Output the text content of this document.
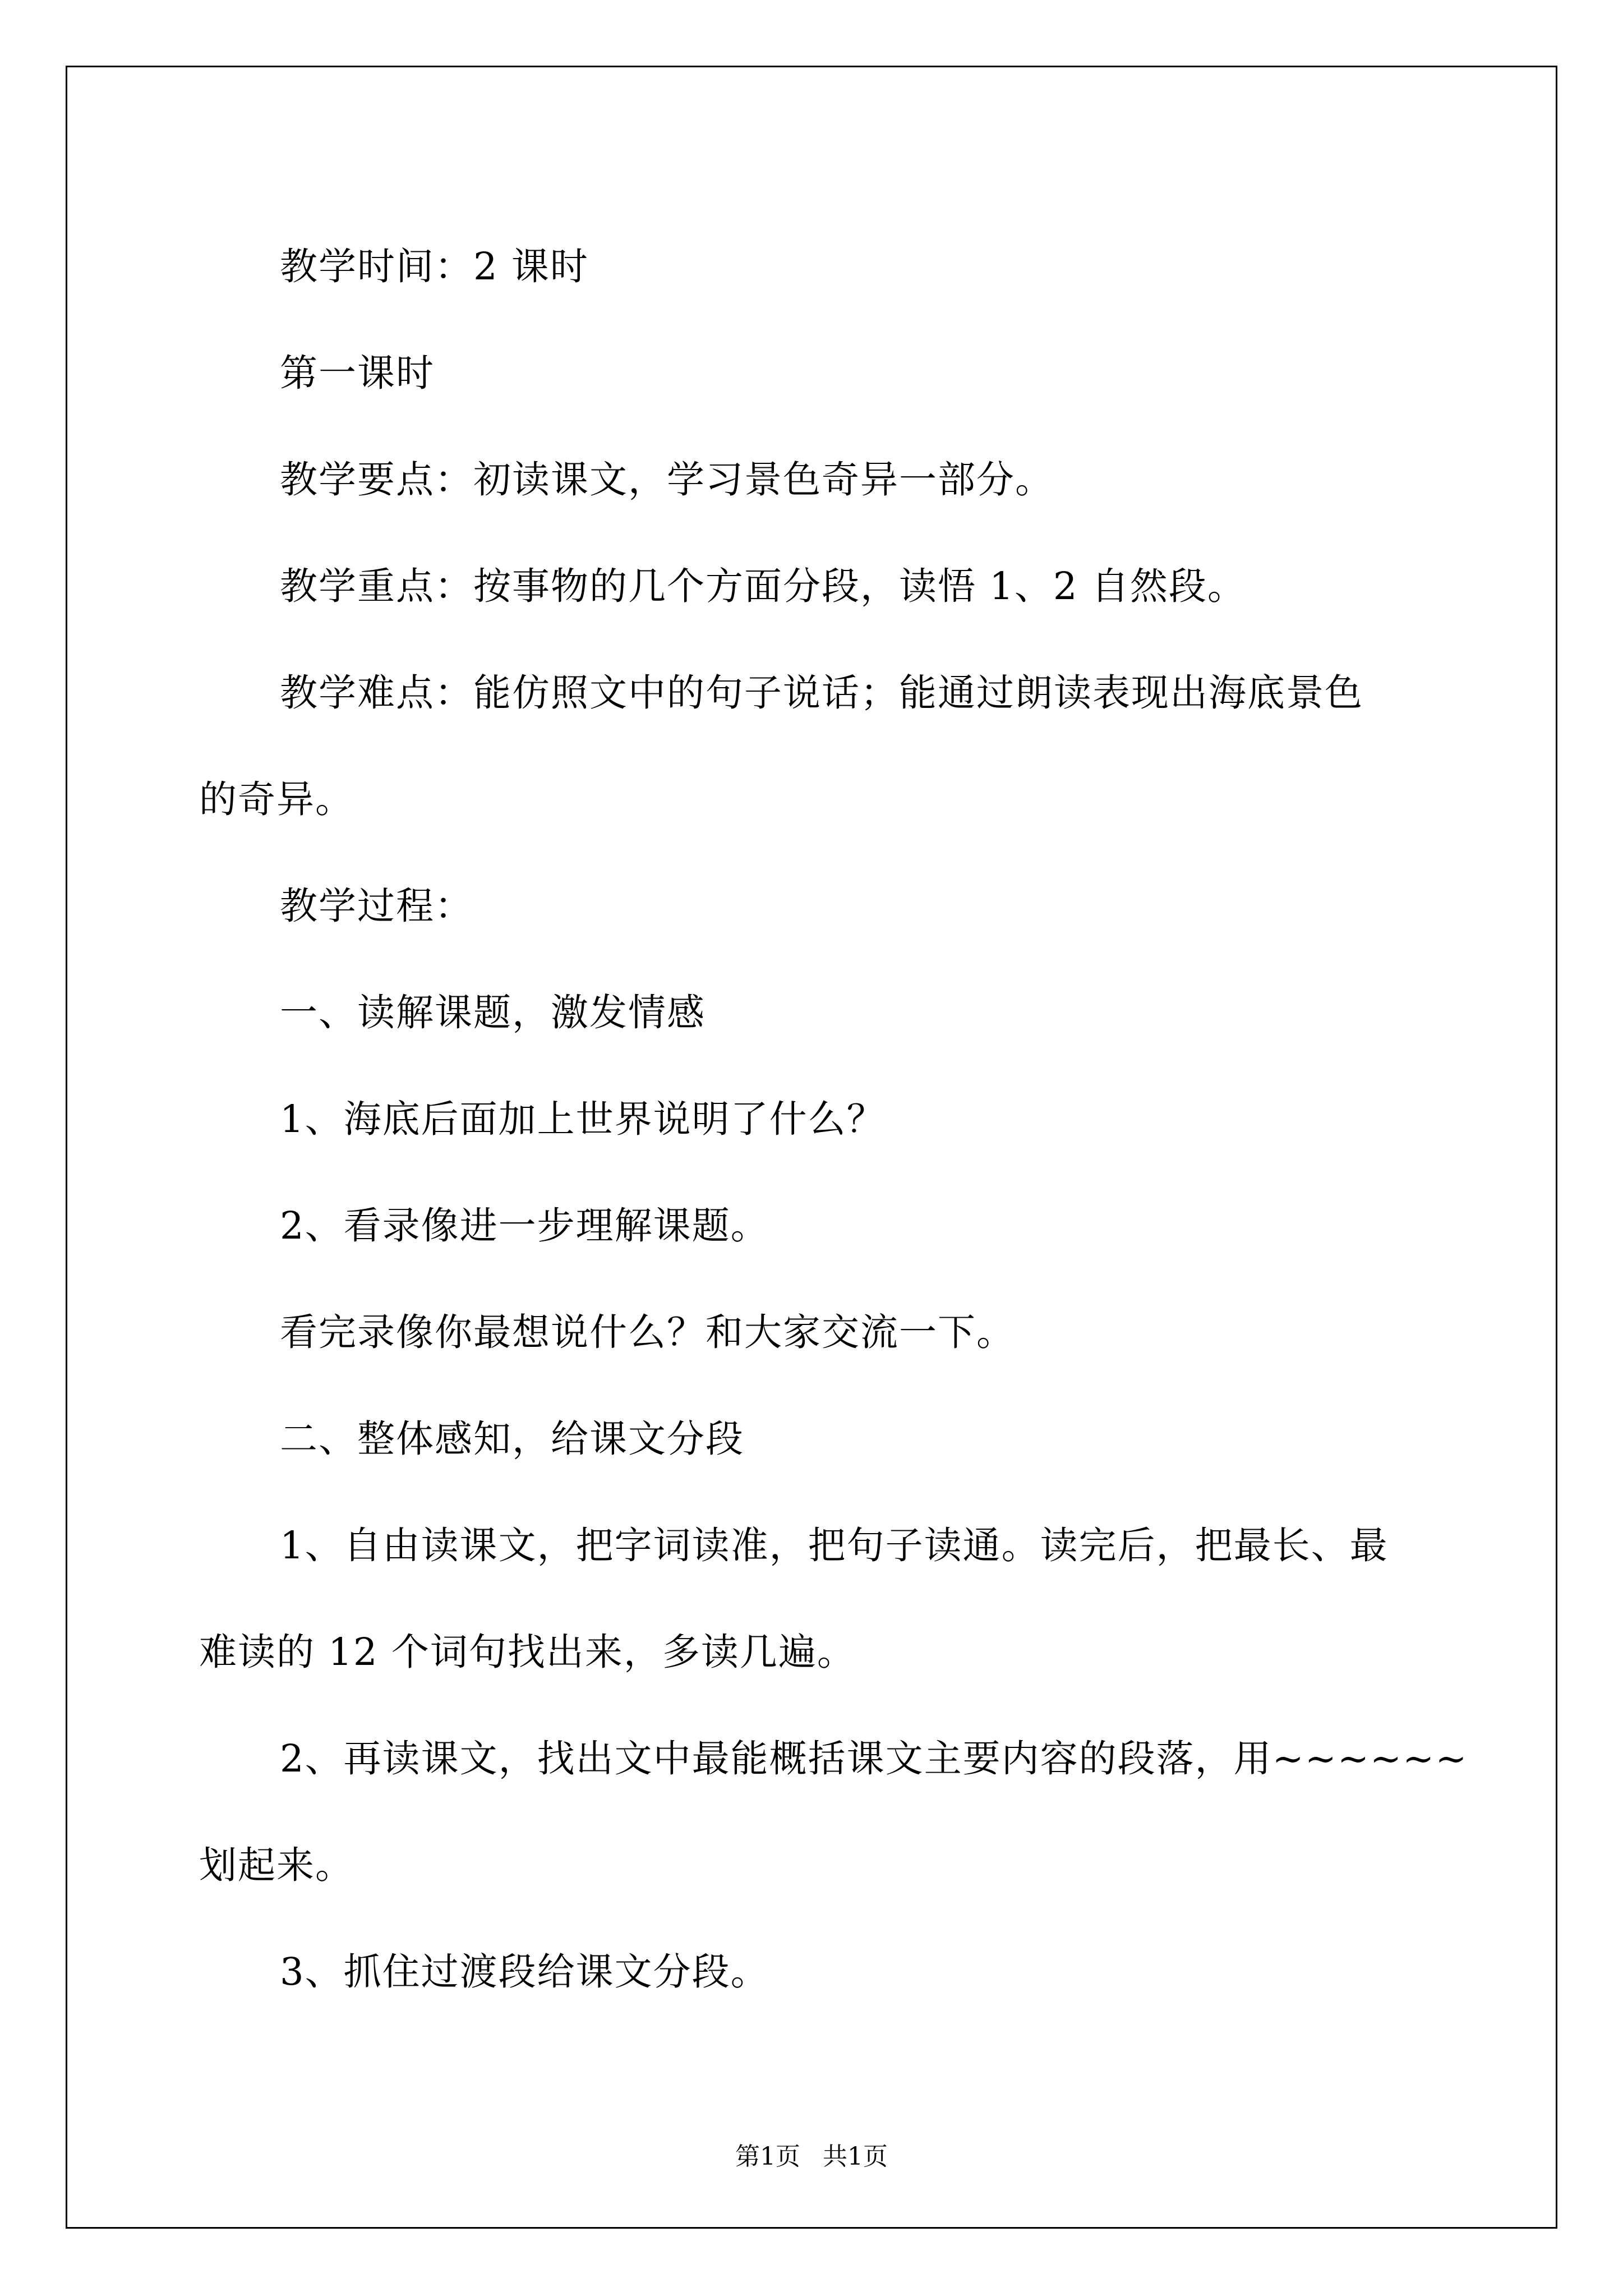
教学时间：2 课时

第一课时

教学要点：初读课文，学习景色奇异一部分。

教学重点：按事物的几个方面分段，读悟 1、2 自然段。

教学难点：能仿照文中的句子说话；能通过朗读表现出海底景色

的奇异。

教学过程：

一、读解课题，激发情感

1、海底后面加上世界说明了什么？

2、看录像进一步理解课题。

看完录像你最想说什么？和大家交流一下。

二、整体感知，给课文分段

1、自由读课文，把字词读准，把句子读通。读完后，把最长、最

难读的 12 个词句找出来，多读几遍。

2、再读课文，找出文中最能概括课文主要内容的段落，用~~~~~~

划起来。

3、抓住过渡段给课文分段。

第1页 共1页
